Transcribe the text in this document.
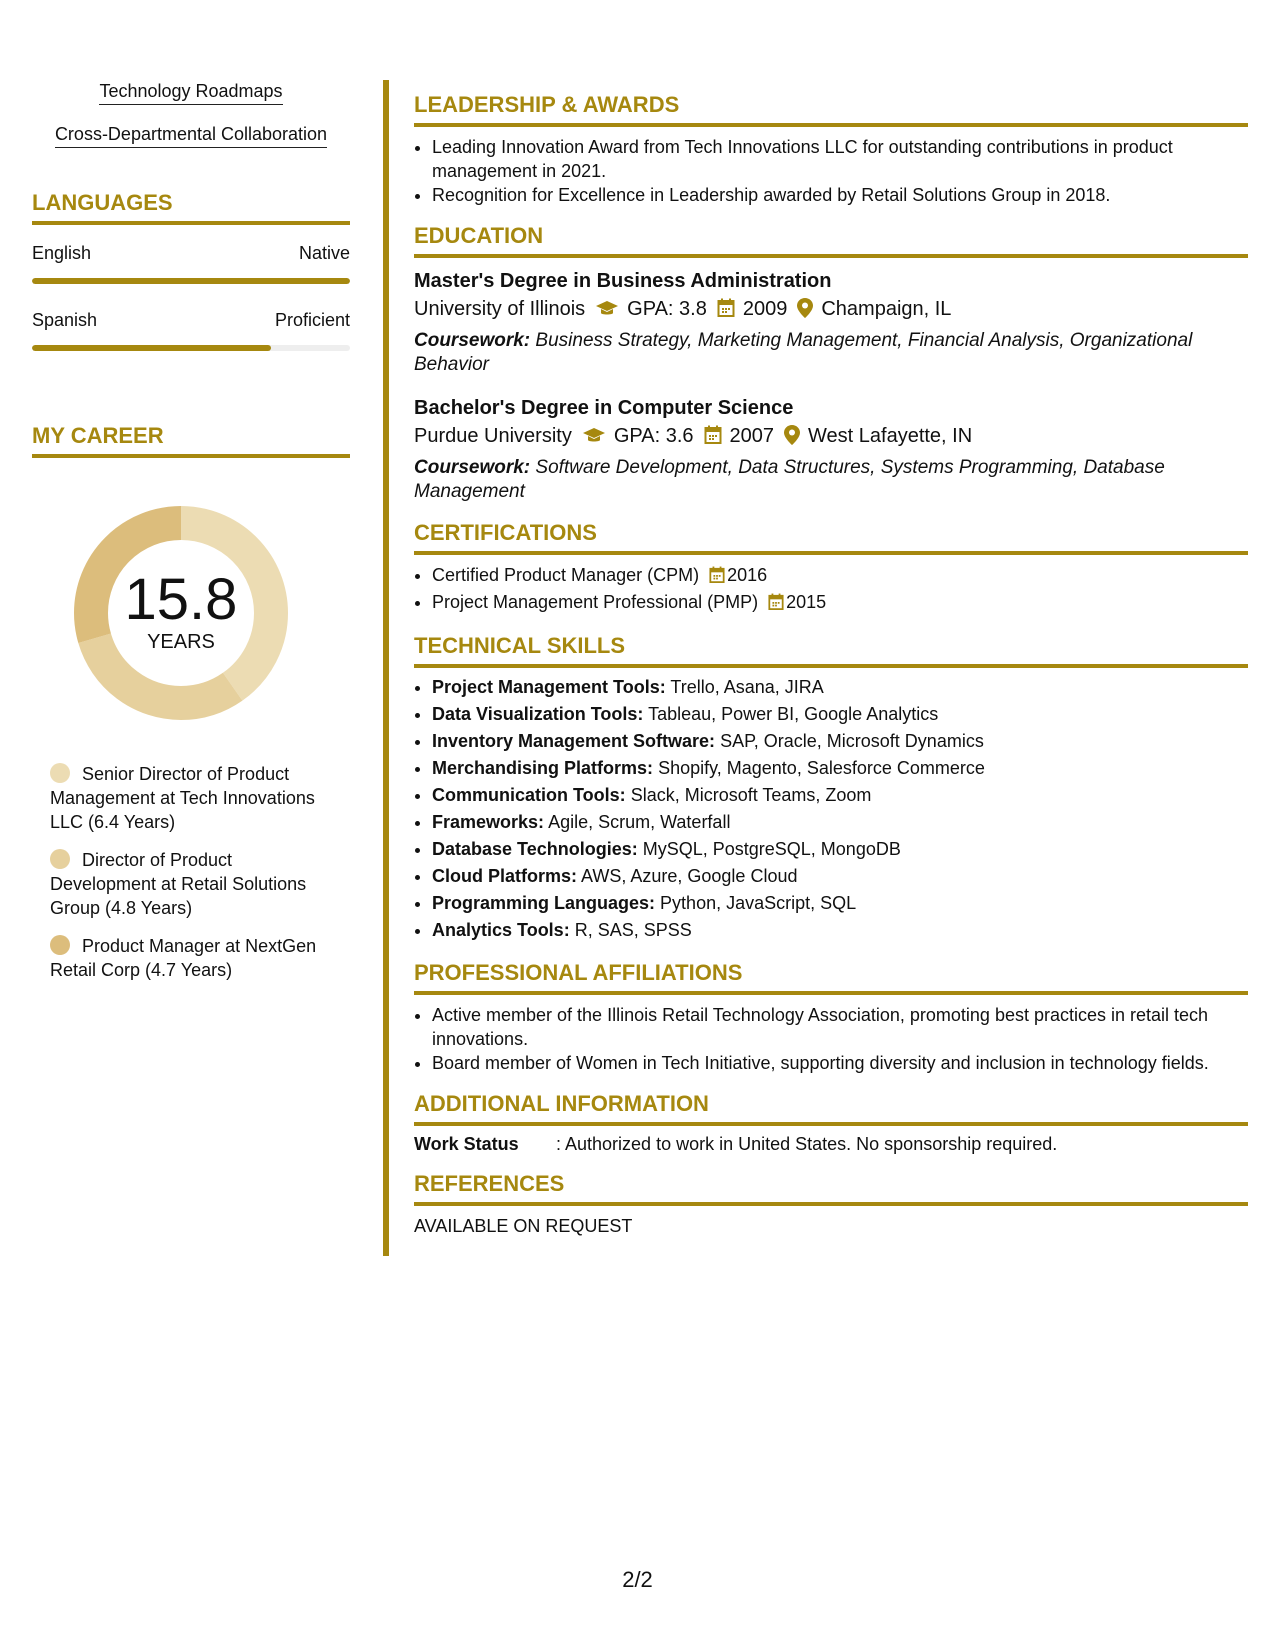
Technology Roadmaps
Cross-Departmental Collaboration
LANGUAGES
English	Native
Spanish	Proficient
MY CAREER
15.8
YEARS
Senior Director of Product Management at Tech Innovations LLC (6.4 Years)
Director of Product Development at Retail Solutions Group (4.8 Years)
Product Manager at NextGen Retail Corp (4.7 Years)
LEADERSHIP & AWARDS
• Leading Innovation Award from Tech Innovations LLC for outstanding contributions in product management in 2021.
• Recognition for Excellence in Leadership awarded by Retail Solutions Group in 2018.
EDUCATION
Master's Degree in Business Administration
University of Illinois GPA: 3.8 2009 Champaign, IL
Coursework: Business Strategy, Marketing Management, Financial Analysis, Organizational Behavior
Bachelor's Degree in Computer Science
Purdue University GPA: 3.6 2007 West Lafayette, IN
Coursework: Software Development, Data Structures, Systems Programming, Database Management
CERTIFICATIONS
• Certified Product Manager (CPM) 2016
• Project Management Professional (PMP) 2015
TECHNICAL SKILLS
• Project Management Tools: Trello, Asana, JIRA
• Data Visualization Tools: Tableau, Power BI, Google Analytics
• Inventory Management Software: SAP, Oracle, Microsoft Dynamics
• Merchandising Platforms: Shopify, Magento, Salesforce Commerce
• Communication Tools: Slack, Microsoft Teams, Zoom
• Frameworks: Agile, Scrum, Waterfall
• Database Technologies: MySQL, PostgreSQL, MongoDB
• Cloud Platforms: AWS, Azure, Google Cloud
• Programming Languages: Python, JavaScript, SQL
• Analytics Tools: R, SAS, SPSS
PROFESSIONAL AFFILIATIONS
• Active member of the Illinois Retail Technology Association, promoting best practices in retail tech innovations.
• Board member of Women in Tech Initiative, supporting diversity and inclusion in technology fields.
ADDITIONAL INFORMATION
Work Status	: Authorized to work in United States. No sponsorship required.
REFERENCES
AVAILABLE ON REQUEST
2/2
